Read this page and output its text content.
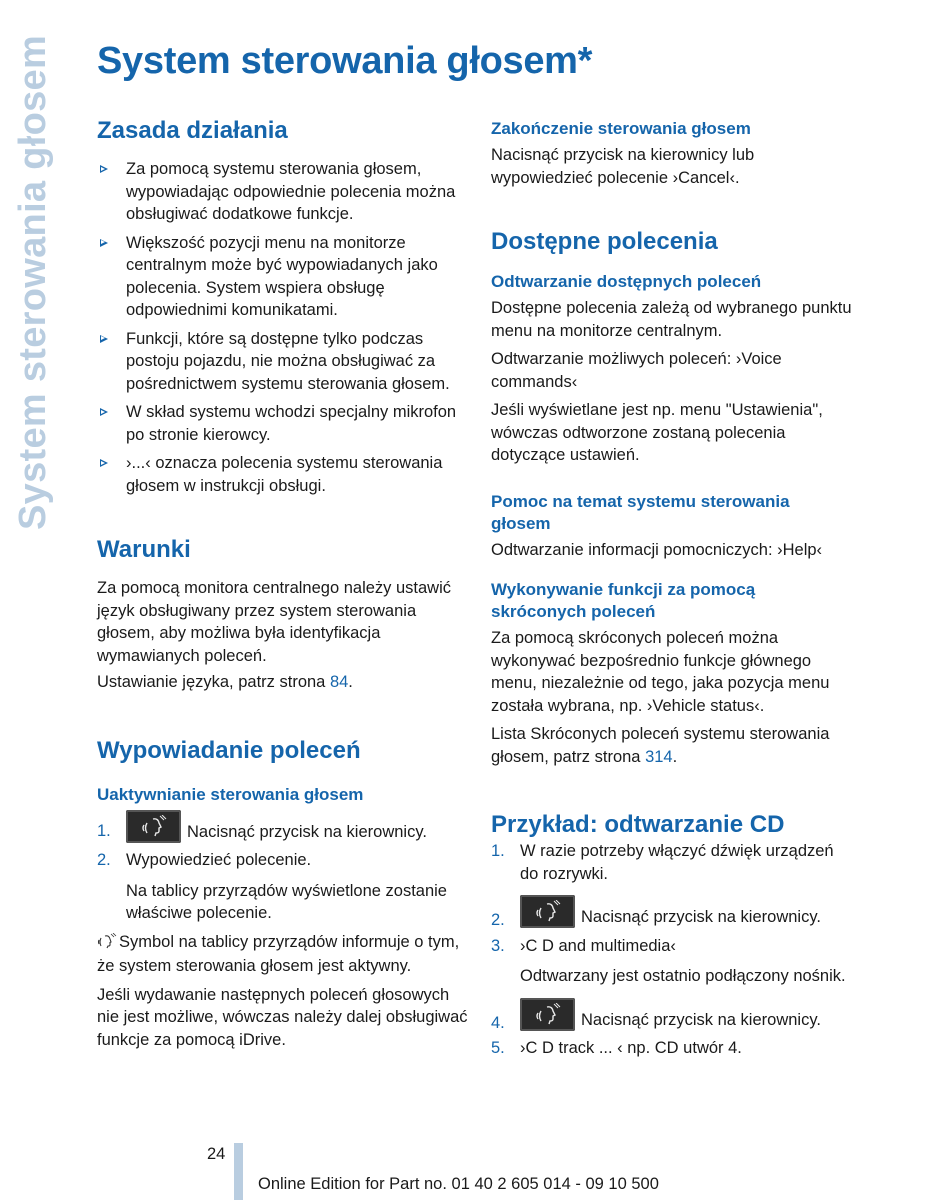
System sterowania głosem System sterowania głosem*
Zasada działania
Za pomocą systemu sterowania głosem, wypowiadając odpowiednie polecenia można obsługiwać dodatkowe funkcje.
Większość pozycji menu na monitorze centralnym może być wypowiadanych jako polecenia. System wspiera obsługę odpowiednimi komunikatami.
Funkcji, które są dostępne tylko podczas postoju pojazdu, nie można obsługiwać za pośrednictwem systemu sterowania głosem.
W skład systemu wchodzi specjalny mikrofon po stronie kierowcy.
›...‹ oznacza polecenia systemu sterowania głosem w instrukcji obsługi.
Warunki

Za pomocą monitora centralnego należy ustawić język obsługiwany przez system sterowania głosem, aby możliwa była identyfikacja wymawianych poleceń.

Ustawianie języka, patrz strona 84.

Wypowiadanie poleceń
Uaktywnianie sterowania głosem
1.	Nacisnąć przycisk na kierownicy.
2. Wypowiedzieć polecenie.

Na tablicy przyrządów wyświetlone zostanie właściwe polecenie.

Symbol na tablicy przyrządów informuje o tym, że system sterowania głosem jest aktywny.

Jeśli wydawanie następnych poleceń głosowych nie jest możliwe, wówczas należy dalej obsługiwać funkcje za pomocą iDrive.

Zakończenie sterowania głosem

Nacisnąć przycisk na kierownicy lub wypowiedzieć polecenie ›Cancel‹.

Dostępne polecenia
Odtwarzanie dostępnych poleceń

Dostępne polecenia zależą od wybranego punktu menu na monitorze centralnym.

Odtwarzanie możliwych poleceń: ›Voice commands‹

Jeśli wyświetlane jest np. menu "Ustawienia", wówczas odtworzone zostaną polecenia dotyczące ustawień.

Pomoc na temat systemu sterowania głosem

Odtwarzanie informacji pomocniczych: ›Help‹

Wykonywanie funkcji za pomocą skróconych poleceń

Za pomocą skróconych poleceń można wykonywać bezpośrednio funkcje głównego menu, niezależnie od tego, jaka pozycja menu została wybrana, np. ›Vehicle status‹.

Lista Skróconych poleceń systemu sterowania głosem, patrz strona 314.

Przykład: odtwarzanie CD
1. W razie potrzeby włączyć dźwięk urządzeń do rozrywki.
2.	Nacisnąć przycisk na kierownicy.
3. ›C D and multimedia‹

Odtwarzany jest ostatnio podłączony nośnik.

4.	Nacisnąć przycisk na kierownicy.
5. ›C D track ... ‹ np. CD utwór 4.
24
Online Edition for Part no. 01 40 2 605 014 - 09 10 500
